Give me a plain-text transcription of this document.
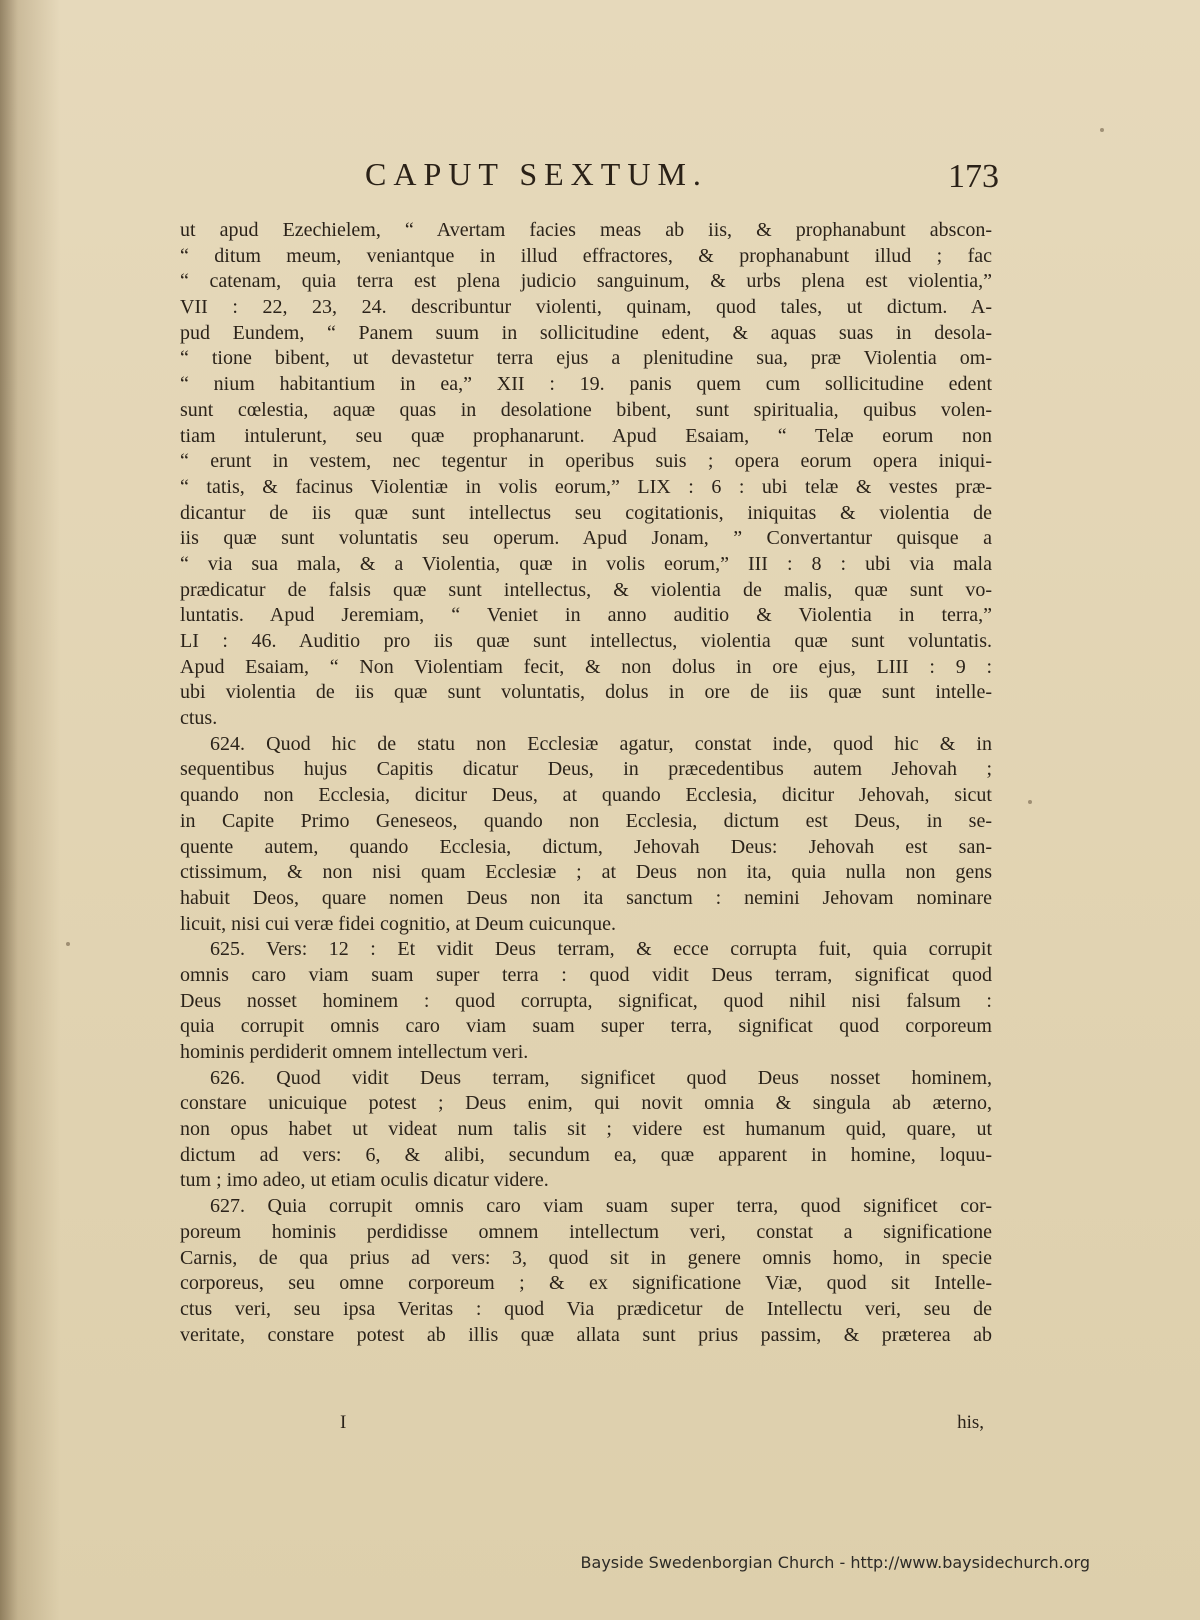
CAPUT SEXTUM.	173
ut apud Ezechielem, “ Avertam facies meas ab iis, & prophanabunt abscon-
“ ditum meum, veniantque in illud effractores, & prophanabunt illud ; fac
“ catenam, quia terra est plena judicio sanguinum, & urbs plena est violentia,”
VII : 22, 23, 24. describuntur violenti, quinam, quod tales, ut dictum. A-
pud Eundem, “ Panem suum in sollicitudine edent, & aquas suas in desola-
“ tione bibent, ut devastetur terra ejus a plenitudine sua, præ Violentia om-
“ nium habitantium in ea,” XII : 19. panis quem cum sollicitudine edent
sunt cœlestia, aquæ quas in desolatione bibent, sunt spiritualia, quibus volen-
tiam intulerunt, seu quæ prophanarunt. Apud Esaiam, “ Telæ eorum non
“ erunt in vestem, nec tegentur in operibus suis ; opera eorum opera iniqui-
“ tatis, & facinus Violentiæ in volis eorum,” LIX : 6 : ubi telæ & vestes præ-
dicantur de iis quæ sunt intellectus seu cogitationis, iniquitas & violentia de
iis quæ sunt voluntatis seu operum. Apud Jonam, ” Convertantur quisque a
“ via sua mala, & a Violentia, quæ in volis eorum,” III : 8 : ubi via mala
prædicatur de falsis quæ sunt intellectus, & violentia de malis, quæ sunt vo-
luntatis. Apud Jeremiam, “ Veniet in anno auditio & Violentia in terra,”
LI : 46. Auditio pro iis quæ sunt intellectus, violentia quæ sunt voluntatis.
Apud Esaiam, “ Non Violentiam fecit, & non dolus in ore ejus, LIII : 9 :
ubi violentia de iis quæ sunt voluntatis, dolus in ore de iis quæ sunt intelle-
ctus.
624. Quod hic de statu non Ecclesiæ agatur, constat inde, quod hic & in
sequentibus hujus Capitis dicatur Deus, in præcedentibus autem Jehovah ;
quando non Ecclesia, dicitur Deus, at quando Ecclesia, dicitur Jehovah, sicut
in Capite Primo Geneseos, quando non Ecclesia, dictum est Deus, in se-
quente autem, quando Ecclesia, dictum, Jehovah Deus: Jehovah est san-
ctissimum, & non nisi quam Ecclesiæ ; at Deus non ita, quia nulla non gens
habuit Deos, quare nomen Deus non ita sanctum : nemini Jehovam nominare
licuit, nisi cui veræ fidei cognitio, at Deum cuicunque.
625. Vers: 12 : Et vidit Deus terram, & ecce corrupta fuit, quia corrupit
omnis caro viam suam super terra : quod vidit Deus terram, significat quod
Deus nosset hominem : quod corrupta, significat, quod nihil nisi falsum :
quia corrupit omnis caro viam suam super terra, significat quod corporeum
hominis perdiderit omnem intellectum veri.
626. Quod vidit Deus terram, significet quod Deus nosset hominem,
constare unicuique potest ; Deus enim, qui novit omnia & singula ab æterno,
non opus habet ut videat num talis sit ; videre est humanum quid, quare, ut
dictum ad vers: 6, & alibi, secundum ea, quæ apparent in homine, loquu-
tum ; imo adeo, ut etiam oculis dicatur videre.
627. Quia corrupit omnis caro viam suam super terra, quod significet cor-
poreum hominis perdidisse omnem intellectum veri, constat a significatione
Carnis, de qua prius ad vers: 3, quod sit in genere omnis homo, in specie
corporeus, seu omne corporeum ; & ex significatione Viæ, quod sit Intelle-
ctus veri, seu ipsa Veritas : quod Via prædicetur de Intellectu veri, seu de
veritate, constare potest ab illis quæ allata sunt prius passim, & præterea ab
I	his,
Bayside Swedenborgian Church - http://www.baysidechurch.org
